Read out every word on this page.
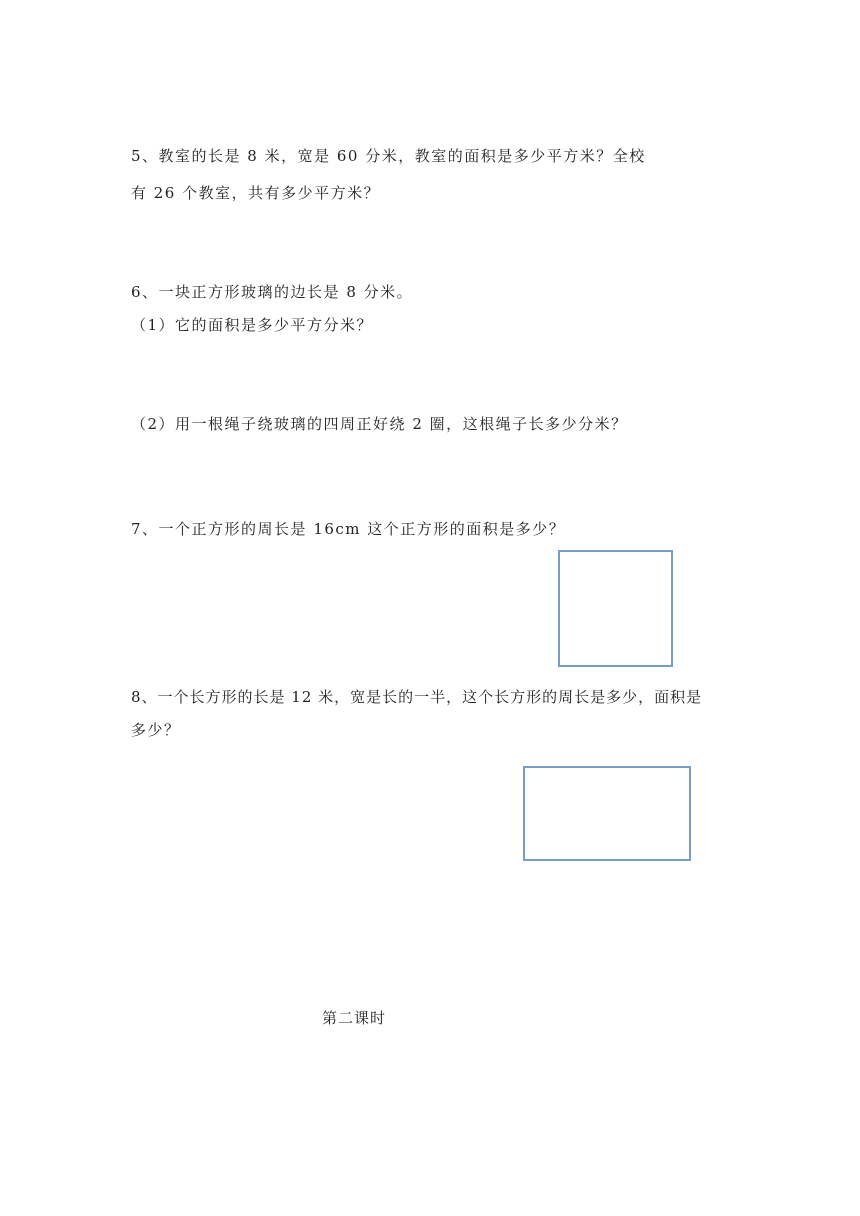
5、教室的长是 8 米，宽是 60 分米，教室的面积是多少平方米？全校
有 26 个教室，共有多少平方米？
6、一块正方形玻璃的边长是 8 分米。
（1）它的面积是多少平方分米？
（2）用一根绳子绕玻璃的四周正好绕 2 圈，这根绳子长多少分米？
7、一个正方形的周长是 16cm 这个正方形的面积是多少？
8、一个长方形的长是 12 米，宽是长的一半，这个长方形的周长是多少，面积是
多少？
第二课时
